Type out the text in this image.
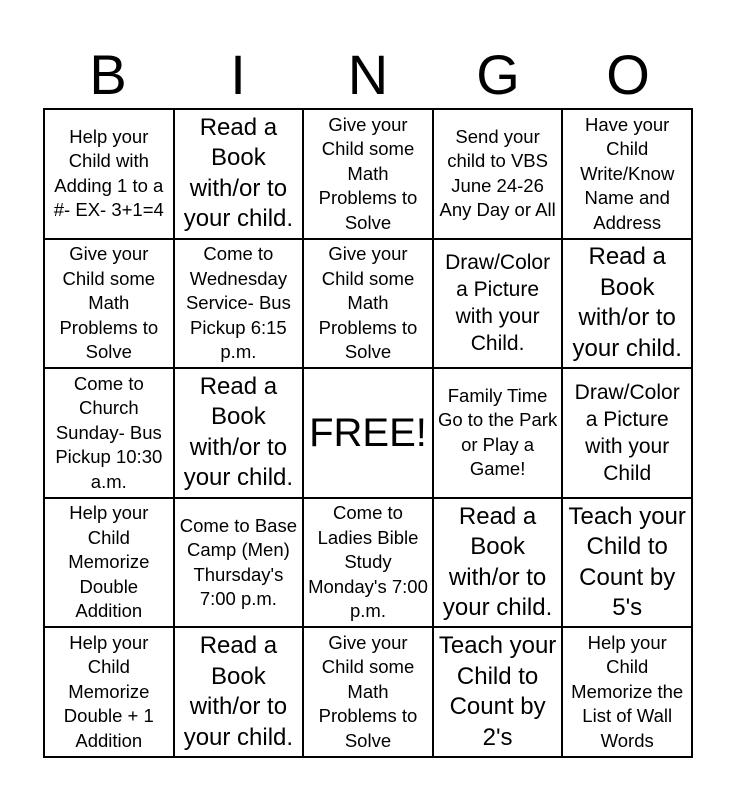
B	I	N	G	O
Help your Child with Adding 1 to a #- EX- 3+1=4
Read a Book with/or to your child.
Give your Child some Math Problems to Solve
Send your child to VBS June 24-26 Any Day or All
Have your Child Write/Know Name and Address
Give your Child some Math Problems to Solve
Come to Wednesday Service- Bus Pickup 6:15 p.m.
Give your Child some Math Problems to Solve
Draw/Color a Picture with your Child.
Read a Book with/or to your child.
Come to Church Sunday- Bus Pickup 10:30 a.m.
Read a Book with/or to your child.
FREE!
Family Time Go to the Park or Play a Game!
Draw/Color a Picture with your Child
Help your Child Memorize Double Addition
Come to Base Camp (Men) Thursday's 7:00 p.m.
Come to Ladies Bible Study Monday's 7:00 p.m.
Read a Book with/or to your child.
Teach your Child to Count by 5's
Help your Child Memorize Double + 1 Addition
Read a Book with/or to your child.
Give your Child some Math Problems to Solve
Teach your Child to Count by 2's
Help your Child Memorize the List of Wall Words
